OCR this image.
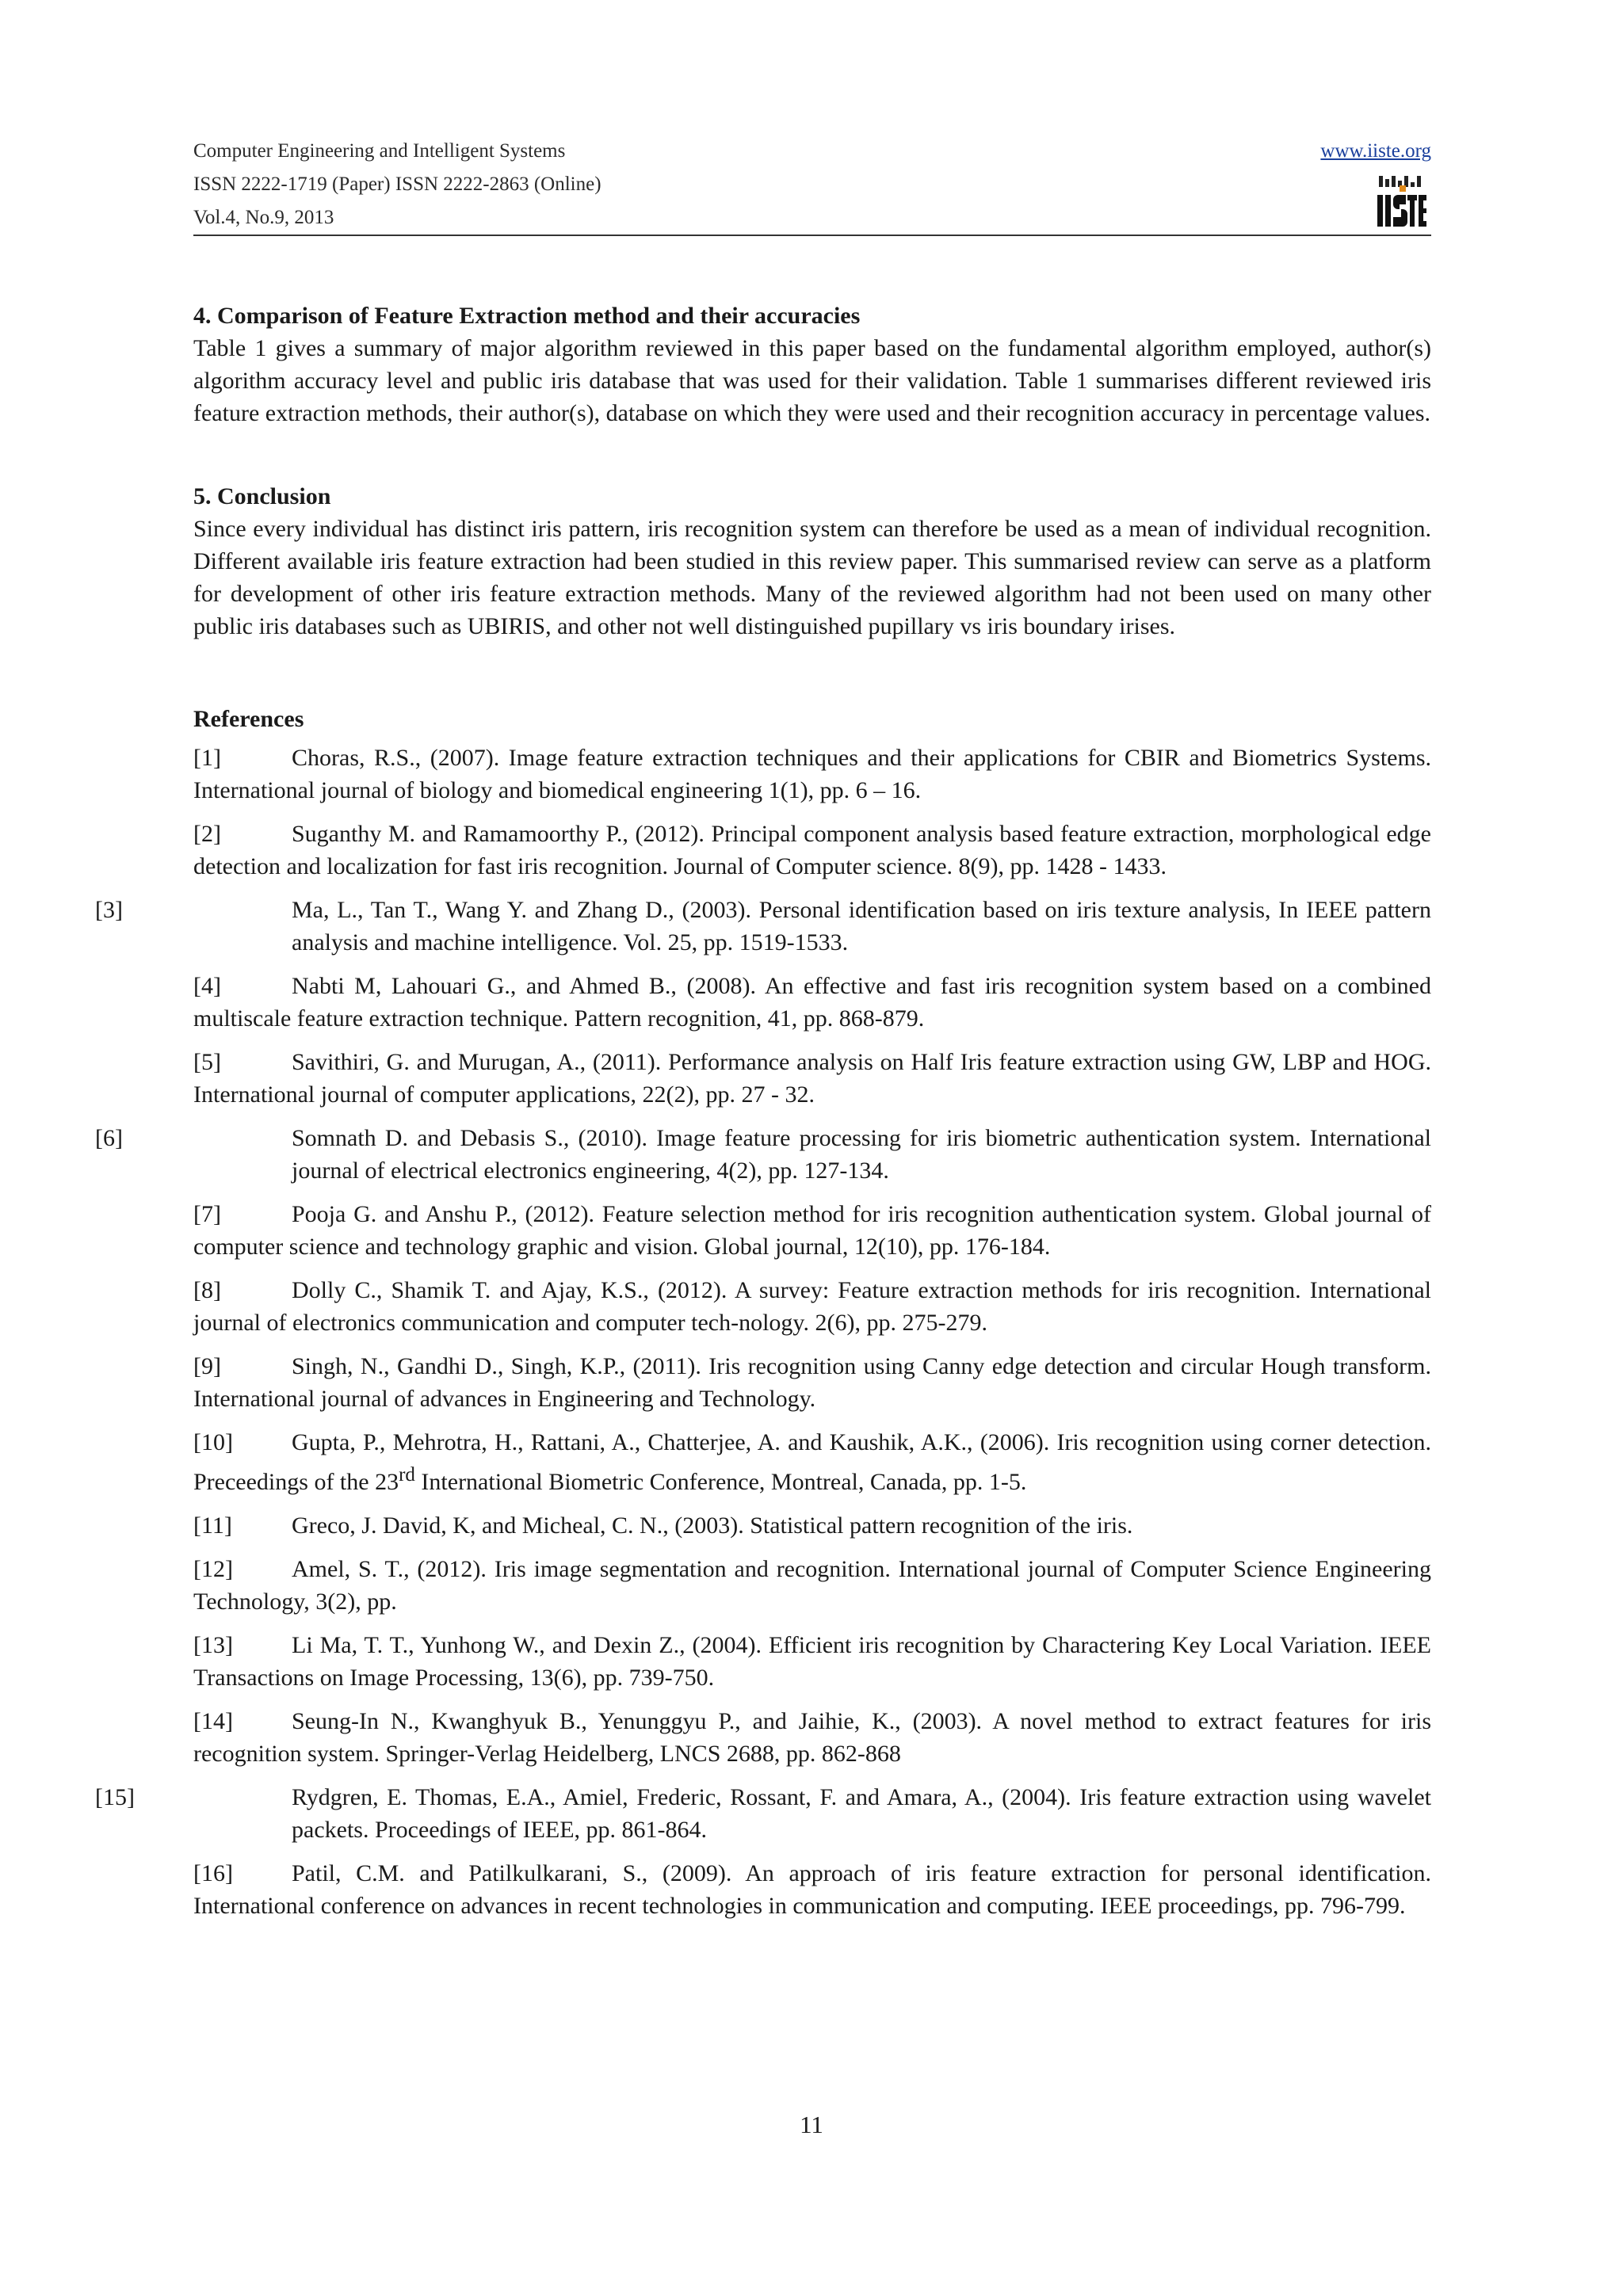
Computer Engineering and Intelligent Systems
ISSN 2222-1719 (Paper) ISSN 2222-2863 (Online)
Vol.4, No.9, 2013
www.iiste.org

4. Comparison of Feature Extraction method and their accuracies

Table 1 gives a summary of major algorithm reviewed in this paper based on the fundamental algorithm employed, author(s) algorithm accuracy level and public iris database that was used for their validation. Table 1 summarises different reviewed iris feature extraction methods, their author(s), database on which they were used and their recognition accuracy in percentage values.

5. Conclusion

Since every individual has distinct iris pattern, iris recognition system can therefore be used as a mean of individual recognition. Different available iris feature extraction had been studied in this review paper. This summarised review can serve as a platform for development of other iris feature extraction methods. Many of the reviewed algorithm had not been used on many other public iris databases such as UBIRIS, and other not well distinguished pupillary vs iris boundary irises.

References

[1]	Choras, R.S., (2007). Image feature extraction techniques and their applications for CBIR and Biometrics Systems. International journal of biology and biomedical engineering 1(1), pp. 6 – 16.

[2]	Suganthy M. and Ramamoorthy P., (2012). Principal component analysis based feature extraction, morphological edge detection and localization for fast iris recognition. Journal of Computer science. 8(9), pp. 1428 - 1433.

[3]	Ma, L., Tan T., Wang Y. and Zhang D., (2003). Personal identification based on iris texture analysis, In IEEE pattern analysis and machine intelligence. Vol. 25, pp. 1519-1533.

[4]	Nabti M, Lahouari G., and Ahmed B., (2008). An effective and fast iris recognition system based on a combined multiscale feature extraction technique. Pattern recognition, 41, pp. 868-879.

[5]	Savithiri, G. and Murugan, A., (2011). Performance analysis on Half Iris feature extraction using GW, LBP and HOG. International journal of computer applications, 22(2), pp. 27 - 32.

[6]	Somnath D. and Debasis S., (2010). Image feature processing for iris biometric authentication system. International journal of electrical electronics engineering, 4(2), pp. 127-134.

[7]	Pooja G. and Anshu P., (2012). Feature selection method for iris recognition authentication system. Global journal of computer science and technology graphic and vision. Global journal, 12(10), pp. 176-184.

[8]	Dolly C., Shamik T. and Ajay, K.S., (2012). A survey: Feature extraction methods for iris recognition. International journal of electronics communication and computer tech-nology. 2(6), pp. 275-279.

[9]	Singh, N., Gandhi D., Singh, K.P., (2011). Iris recognition using Canny edge detection and circular Hough transform. International journal of advances in Engineering and Technology.

[10] Gupta, P., Mehrotra, H., Rattani, A., Chatterjee, A. and Kaushik, A.K., (2006). Iris recognition using corner detection. Preceedings of the 23rd International Biometric Conference, Montreal, Canada, pp. 1-5.

[11]	Greco, J. David, K, and Micheal, C. N., (2003). Statistical pattern recognition of the iris.

[12] Amel, S. T., (2012). Iris image segmentation and recognition. International journal of Computer Science Engineering Technology, 3(2), pp.

[13] Li Ma, T. T., Yunhong W., and Dexin Z., (2004). Efficient iris recognition by Charactering Key Local Variation. IEEE Transactions on Image Processing, 13(6), pp. 739-750.

[14] Seung-In N., Kwanghyuk B., Yenunggyu P., and Jaihie, K., (2003). A novel method to extract features for iris recognition system. Springer-Verlag Heidelberg, LNCS 2688, pp. 862-868

[15]	Rydgren, E. Thomas, E.A., Amiel, Frederic, Rossant, F. and Amara, A., (2004). Iris feature extraction using wavelet packets. Proceedings of IEEE, pp. 861-864.

[16] Patil, C.M. and Patilkulkarani, S., (2009). An approach of iris feature extraction for personal identification. International conference on advances in recent technologies in communication and computing. IEEE proceedings, pp. 796-799.

11
